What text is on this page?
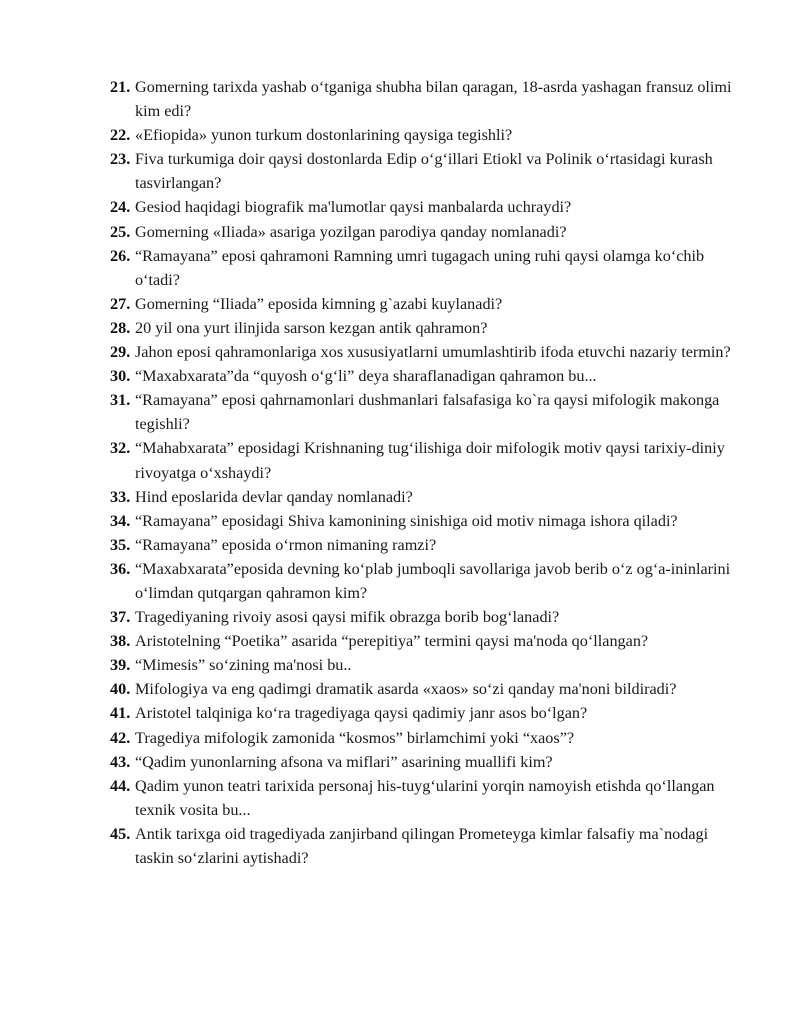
21. Gomerning tarixda yashab o‘tganiga shubha bilan qaragan, 18-asrda yashagan fransuz olimi kim edi?
22. «Efiopida» yunon turkum dostonlarining qaysiga tegishli?
23. Fiva turkumiga doir qaysi dostonlarda Edip o‘g‘illari Etiokl va Polinik o‘rtasidagi kurash tasvirlangan?
24. Gesiod haqidagi biografik ma'lumotlar qaysi manbalarda uchraydi?
25. Gomerning «Iliada» asariga yozilgan parodiya qanday nomlanadi?
26. “Ramayana” eposi qahramoni Ramning umri tugagach uning ruhi qaysi olamga ko‘chib o‘tadi?
27. Gomerning “Iliada” eposida kimning g`azabi kuylanadi?
28. 20 yil ona yurt ilinjida sarson kezgan antik qahramon?
29. Jahon eposi qahramonlariga xos xususiyatlarni umumlashtirib ifoda etuvchi nazariy termin?
30. “Maxabxarata”da “quyosh o‘g‘li” deya sharaflanadigan qahramon bu...
31. “Ramayana” eposi qahrnamonlari dushmanlari falsafasiga ko`ra qaysi mifologik makonga tegishli?
32. “Mahabxarata” eposidagi Krishnaning tug‘ilishiga doir mifologik motiv qaysi tarixiy-diniy rivoyatga o‘xshaydi?
33. Hind eposlarida devlar qanday nomlanadi?
34. “Ramayana” eposidagi Shiva kamonining sinishiga oid motiv nimaga ishora qiladi?
35. “Ramayana” eposida o‘rmon nimaning ramzi?
36. “Maxabxarata”eposida devning ko‘plab jumboqli savollariga javob berib o‘z og‘a-ininlarini o‘limdan qutqargan qahramon kim?
37. Tragediyaning rivoiy asosi qaysi mifik obrazga borib bog‘lanadi?
38. Aristotelning “Poetika” asarida “perepitiya” termini qaysi ma'noda qo‘llangan?
39. “Mimesis” so‘zining ma'nosi bu..
40. Mifologiya va eng qadimgi dramatik asarda «xaos» so‘zi qanday ma'noni bildiradi?
41. Aristotel talqiniga ko‘ra tragediyaga qaysi qadimiy janr asos bo‘lgan?
42. Tragediya mifologik zamonida “kosmos” birlamchimi yoki “xaos”?
43. “Qadim yunonlarning afsona va miflari” asarining muallifi kim?
44. Qadim yunon teatri tarixida personaj his-tuyg‘ularini yorqin namoyish etishda qo‘llangan texnik vosita bu...
45. Antik tarixga oid tragediyada zanjirband qilingan Prometeyga kimlar falsafiy ma`nodagi taskin so‘zlarini aytishadi?
